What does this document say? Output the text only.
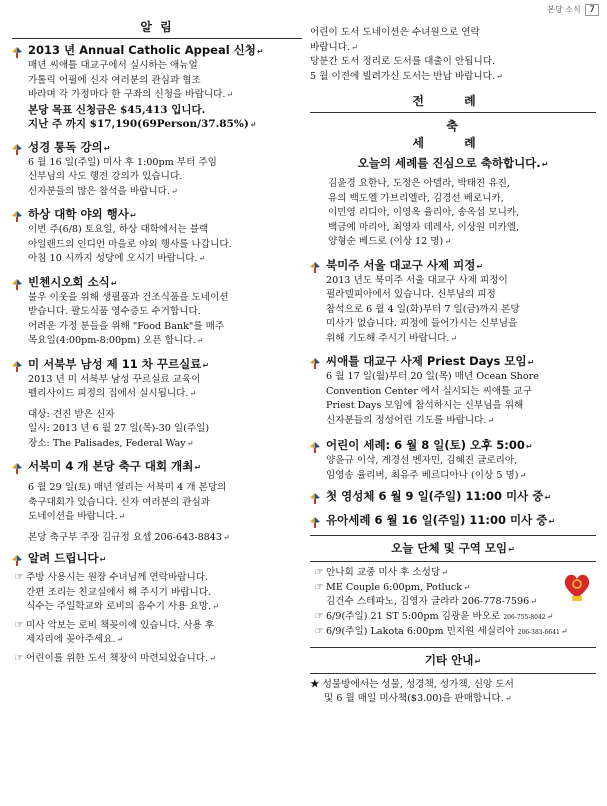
본당 소식 7
알 림
2013 년 Annual Catholic Appeal 신청 ↵
매년 씨애틀 대교구에서 실시하는 애뉴얼
가톨릭 어필에 신자 여러분의 관심과 협조
바라며 각 가정마다 한 구좌의 신청을 바랍니다. ↵
본당 목표 신청금은 $45,413 입니다.
지난 주 까지 $17,190(69Person/37.85%) ↵
성경 통독 강의 ↵
6 월 16 일(주일) 미사 후 1:00pm 부터 주임
신부님의 사도 행전 강의가 있습니다.
신자분들의 많은 참석을 바랍니다. ↵
하상 대학 야외 행사 ↵
이번 주(6/8) 토요일, 하상 대학에서는 블랙
아일랜드의 인디언 마을로 야외 행사를 나갑니다.
아침 10 시까지 성당에 오시기 바랍니다. ↵
빈첸시오회 소식 ↵
불우 이웃을 위해 생필품과 건조식품을 도네이션
받습니다. 팔도식품 영수증도 수거합니다.
어려운 가정 분들을 위해 "Food Bank"를 매주
목요일(4:00pm-8:00pm) 오픈 합니다. ↵
미 서북부 남성 제 11 차 꾸르실료 ↵
2013 년 미 서북부 남성 꾸르실료 교육이
펠리사이드 피정의 집에서 실시됩니다. ↵
대상: 견진 받은 신자
일시: 2013 년 6 월 27 일(목)-30 일(주일)
장소: The Palisades, Federal Way ↵
서북미 4 개 본당 축구 대회 개최 ↵
6 월 29 일(토) 매년 열리는 서북미 4 개 본당의
축구대회가 있습니다. 신자 여러분의 관심과
도네이션을 바랍니다. ↵
본당 축구부 주장 김규정 요셉 206-643-8843 ↵
알려 드립니다 ↵
☞ 주방 사용시는 원장 수녀님께 연락바랍니다.
간편 조리는 친교실에서 해 주시기 바랍니다.
식수는 주일학교와 로비의 음수기 사용 요망. ↵
☞ 미사 악보는 로비 책꽂이에 있습니다. 사용 후
제자리에 꽂아주세요. ↵
☞ 어린이를 위한 도서 책장이 마련되었습니다. ↵
어린이 도서 도네이션은 수녀원으로 연락
바랍니다. ↵
당분간 도서 정리로 도서를 대출이 안됩니다.
5 월 이전에 빌려가신 도서는 반납 바랍니다. ↵
전 례
축
세 례
오늘의 세례를 진심으로 축하합니다. ↵
김윤경 요한나, 도정은 아델라, 박태진 유진,
유의 백도엘 가브리엘라, 김경선 베로니카,
이민영 리디아, 이영옥 율리아, 송옥섭 모니카,
백금예 마리아, 최영자 데레사, 이상원 미카엘,
양형순 베드로 (이상 12 명) ↵
북미주 서울 대교구 사제 피정 ↵
2013 년도 북미주 서울 대교구 사제 피정이
필라델피아에서 있습니다. 신부님의 피정
참석으로 6 월 4 일(화)부터 7 일(금)까지 본당
미사가 없습니다. 피정에 들어가시는 신부님을
위해 기도해 주시기 바랍니다. ↵
씨애틀 대교구 사제 Priest Days 모임 ↵
6 월 17 일(월)부터 20 일(목) 매년 Ocean Shore
Convention Center 에서 실시되는 씨애틀 교구
Priest Days 모임에 참석하시는 신부님을 위해
신자분들의 정성어린 기도를 바랍니다. ↵
어린이 세례: 6 월 8 일(토) 오후 5:00 ↵
양윤규 이삭, 계경선 벤자민, 김혜진 글로리아,
임영송 율리버, 최유주 베르디아나 (이상 5 명) ↵
첫 영성체 6 월 9 일(주일) 11:00 미사 중 ↵
유아세례 6 월 16 일(주일) 11:00 미사 중 ↵
오늘 단체 및 구역 모임 ↵
☞ 안나회 교중 미사 후 소성당 ↵
☞ ME Couple 6:00pm, Potluck ↵
김건수 스테파노, 김영자 글라라 206-778-7596 ↵
☞ 6/9(주일) 21 ST 5:00pm 김광윤 바오로 206-755-8042 ↵
☞ 6/9(주일) Lakota 6:00pm 민지원 세실리아 206-383-6641 ↵
기타 안내 ↵
★ 성물방에서는 성물, 성경책, 성가책, 신앙 도서
및 6 월 매일 미사책($3.00)을 판매합니다. ↵
